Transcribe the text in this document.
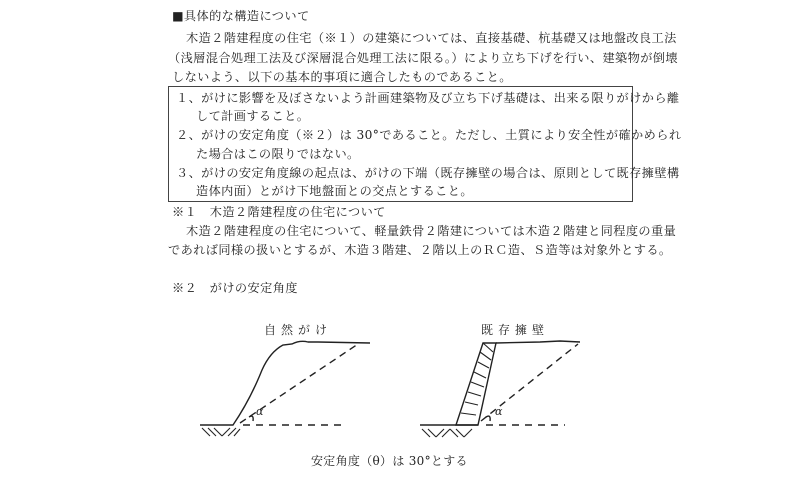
■具体的な構造について
木造２階建程度の住宅（※１）の建築については、直接基礎、杭基礎又は地盤改良工法
（浅層混合処理工法及び深層混合処理工法に限る。）により立ち下げを行い、建築物が倒壊
しないよう、以下の基本的事項に適合したものであること。
１、がけに影響を及ぼさないよう計画建築物及び立ち下げ基礎は、出来る限りがけから離
して計画すること。
２、がけの安定角度（※２）は 30°であること。ただし、土質により安全性が確かめられ
た場合はこの限りではない。
３、がけの安定角度線の起点は、がけの下端（既存擁壁の場合は、原則として既存擁壁構
造体内面）とがけ下地盤面との交点とすること。
※１　木造２階建程度の住宅について
木造２階建程度の住宅について、軽量鉄骨２階建については木造２階建と同程度の重量
であれば同様の扱いとするが、木造３階建、２階以上のＲＣ造、Ｓ造等は対象外とする。
※２　がけの安定角度
自然がけ	既存擁壁
α	α
安定角度（θ）は 30°とする
